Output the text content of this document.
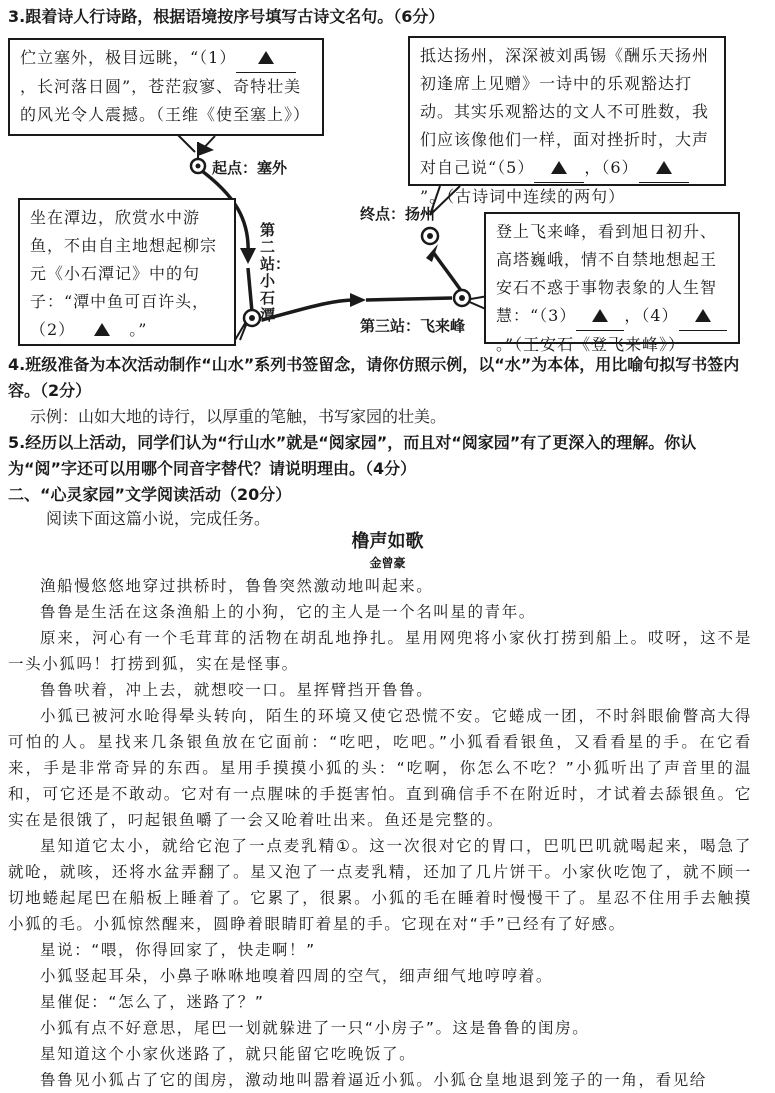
3.跟着诗人行诗路，根据语境按序号填写古诗文名句。（6分）
伫立塞外，极目远眺，“（1），长河落日圆”，苍茫寂寥、奇特壮美的风光令人震撼。（王维《使至塞上》）
抵达扬州，深深被刘禹锡《酬乐天扬州初逢席上见赠》一诗中的乐观豁达打动。其实乐观豁达的文人不可胜数，我们应该像他们一样，面对挫折时，大声对自己说“（5）	，（6）”。（古诗词中连续的两句）
坐在潭边，欣赏水中游鱼，不由自主地想起柳宗元《小石潭记》中的句子：“潭中鱼可百许头，（2）	。”
登上飞来峰，看到旭日初升、高塔巍峨，情不自禁地想起王安石不惑于事物表象的人生智慧：“（3）	，（4）。”（王安石《登飞来峰》）
起点：塞外
终点：扬州
第二站：小石潭
第三站：飞来峰
4.班级准备为本次活动制作“山水”系列书签留念，请你仿照示例，以“水”为本体，用比喻句拟写书签内容。（2分）
示例：山如大地的诗行，以厚重的笔触，书写家园的壮美。
5.经历以上活动，同学们认为“行山水”就是“阅家园”，而且对“阅家园”有了更深入的理解。你认为“阅”字还可以用哪个同音字替代？请说明理由。（4分）
二、“心灵家园”文学阅读活动（20分）
阅读下面这篇小说，完成任务。
橹声如歌
金曾豪

渔船慢悠悠地穿过拱桥时，鲁鲁突然激动地叫起来。

鲁鲁是生活在这条渔船上的小狗，它的主人是一个名叫星的青年。

原来，河心有一个毛茸茸的活物在胡乱地挣扎。星用网兜将小家伙打捞到船上。哎呀，这不是一头小狐吗！打捞到狐，实在是怪事。

鲁鲁吠着，冲上去，就想咬一口。星挥臂挡开鲁鲁。

小狐已被河水呛得晕头转向，陌生的环境又使它恐慌不安。它蜷成一团，不时斜眼偷瞥高大得可怕的人。星找来几条银鱼放在它面前：“吃吧，吃吧。”小狐看看银鱼，又看看星的手。在它看来，手是非常奇异的东西。星用手摸摸小狐的头：“吃啊，你怎么不吃？”小狐听出了声音里的温和，可它还是不敢动。它对有一点腥味的手挺害怕。直到确信手不在附近时，才试着去舔银鱼。它实在是很饿了，叼起银鱼嚼了一会又呛着吐出来。鱼还是完整的。

星知道它太小，就给它泡了一点麦乳精①。这一次很对它的胃口，巴叽巴叽就喝起来，喝急了就呛，就咳，还将水盆弄翻了。星又泡了一点麦乳精，还加了几片饼干。小家伙吃饱了，就不顾一切地蜷起尾巴在船板上睡着了。它累了，很累。小狐的毛在睡着时慢慢干了。星忍不住用手去触摸小狐的毛。小狐惊然醒来，圆睁着眼睛盯着星的手。它现在对“手”已经有了好感。

星说：“喂，你得回家了，快走啊！”

小狐竖起耳朵，小鼻子咻咻地嗅着四周的空气，细声细气地哼哼着。

星催促：“怎么了，迷路了？”

小狐有点不好意思，尾巴一划就躲进了一只“小房子”。这是鲁鲁的闺房。

星知道这个小家伙迷路了，就只能留它吃晚饭了。

鲁鲁见小狐占了它的闺房，激动地叫嚣着逼近小狐。小狐仓皇地退到笼子的一角，看见给
